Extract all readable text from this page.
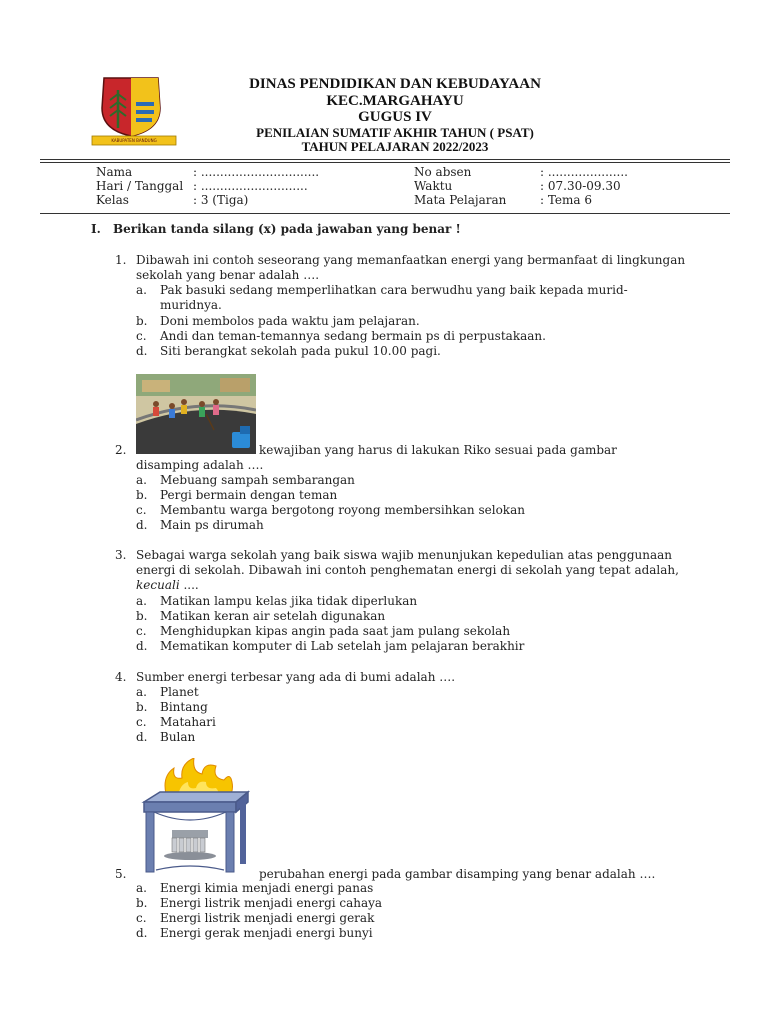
KABUPATEN BANDUNG
DINAS PENDIDIKAN DAN KEBUDAYAAN
KEC.MARGAHAYU
GUGUS IV
PENILAIAN SUMATIF AKHIR TAHUN ( PSAT)
TAHUN PELAJARAN 2022/2023
Nama	: ...............................
Hari / Tanggal : ............................
Kelas	: 3 (Tiga)
No absen	: .....................
Waktu	: 07.30-09.30
Mata Pelajaran	: Tema 6
I. Berikan tanda silang (x) pada jawaban yang benar !
1. Dibawah ini contoh seseorang yang memanfaatkan energi yang bermanfaat di lingkungan
sekolah yang benar adalah ….
a. Pak basuki sedang memperlihatkan cara berwudhu yang baik kepada murid-
muridnya.
b. Doni membolos pada waktu jam pelajaran.
c. Andi dan teman-temannya sedang bermain ps di perpustakaan.
d. Siti berangkat sekolah pada pukul 10.00 pagi.
2.	kewajiban yang harus di lakukan Riko sesuai pada gambar
disamping adalah ….
a. Mebuang sampah sembarangan
b. Pergi bermain dengan teman
c. Membantu warga bergotong royong membersihkan selokan
d. Main ps dirumah
3. Sebagai warga sekolah yang baik siswa wajib menunjukan kepedulian atas penggunaan
energi di sekolah. Dibawah ini contoh penghematan energi di sekolah yang tepat adalah,
kecuali ....
a. Matikan lampu kelas jika tidak diperlukan
b. Matikan keran air setelah digunakan
c. Menghidupkan kipas angin pada saat jam pulang sekolah
d. Mematikan komputer di Lab setelah jam pelajaran berakhir
4. Sumber energi terbesar yang ada di bumi adalah ….
a. Planet
b. Bintang
c. Matahari
d. Bulan
5.	perubahan energi pada gambar disamping yang benar adalah ….
a. Energi kimia menjadi energi panas
b. Energi listrik menjadi energi cahaya
c. Energi listrik menjadi energi gerak
d. Energi gerak menjadi energi bunyi
